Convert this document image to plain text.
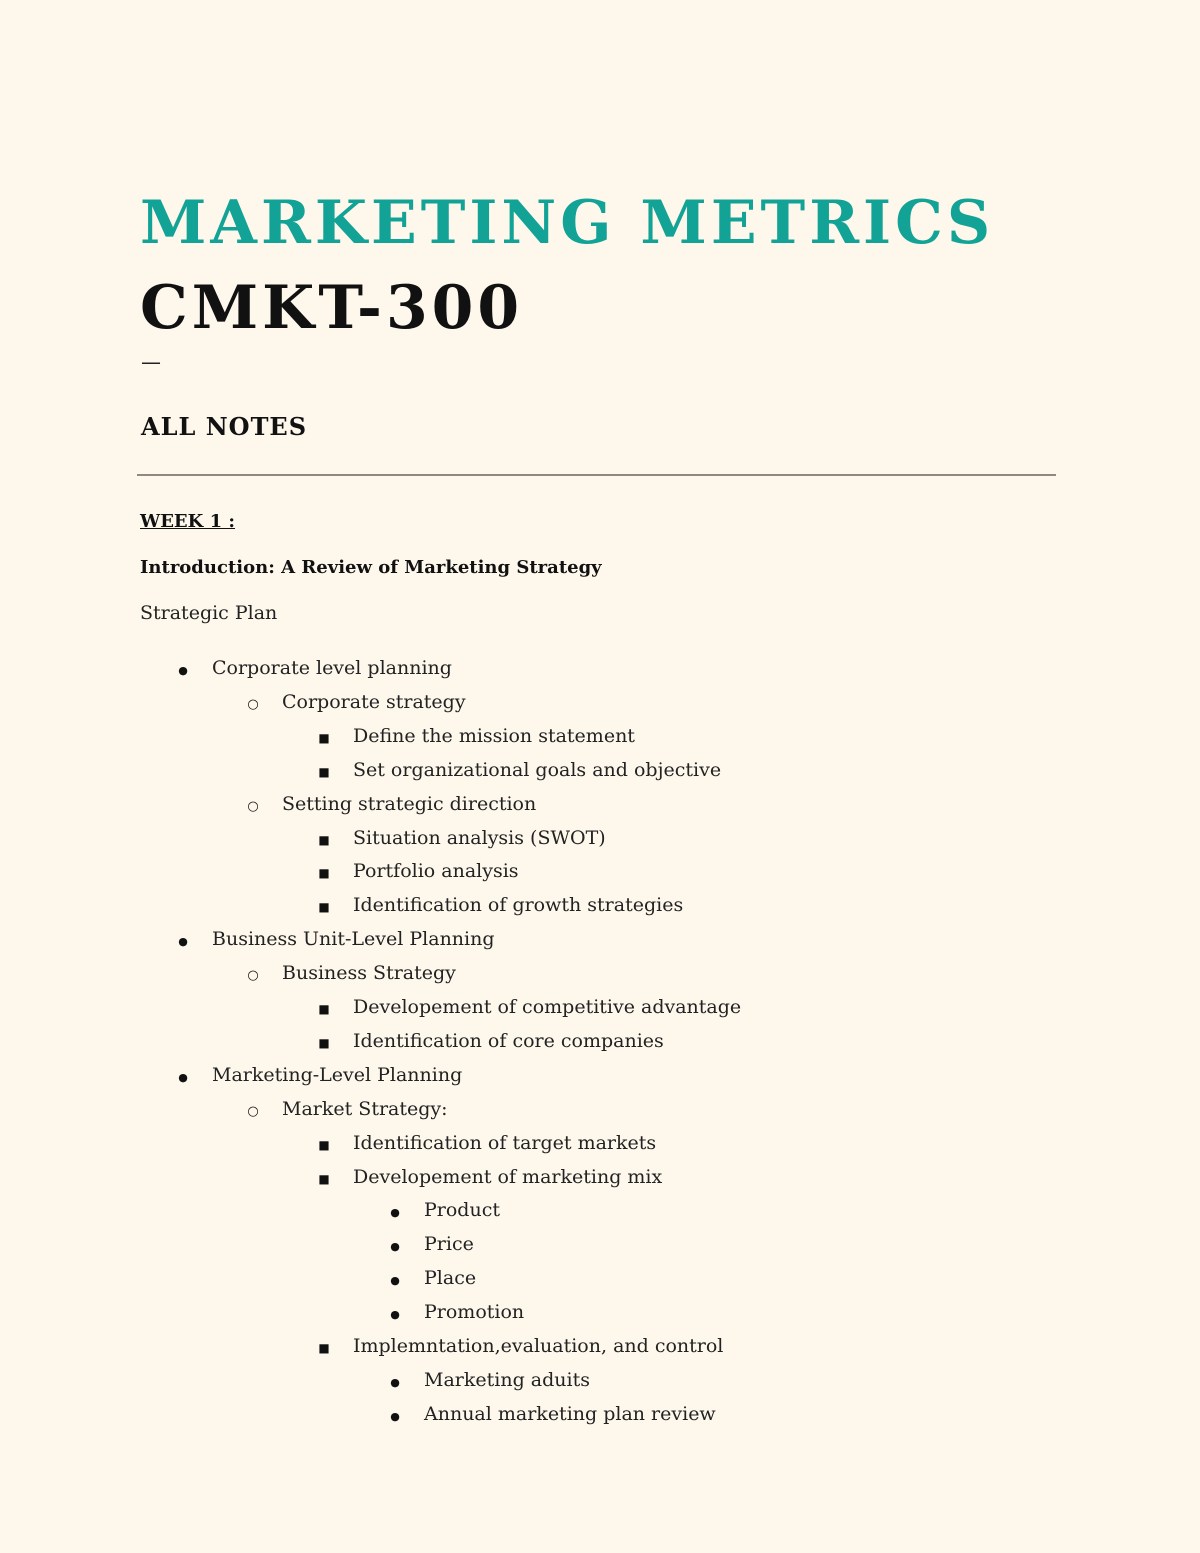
MARKETING METRICS
CMKT-300
—
ALL NOTES
WEEK 1 :
Introduction: A Review of Marketing Strategy
Strategic Plan
●
Corporate level planning
○
Corporate strategy
■
Define the mission statement
■
Set organizational goals and objective
○
Setting strategic direction
■
Situation analysis (SWOT)
■
Portfolio analysis
■
Identification of growth strategies
●
Business Unit-Level Planning
○
Business Strategy
■
Developement of competitive advantage
■
Identification of core companies
●
Marketing-Level Planning
○
Market Strategy:
■
Identification of target markets
■
Developement of marketing mix
●
Product
●
Price
●
Place
●
Promotion
■
Implemntation,evaluation, and control
●
Marketing aduits
●
Annual marketing plan review
